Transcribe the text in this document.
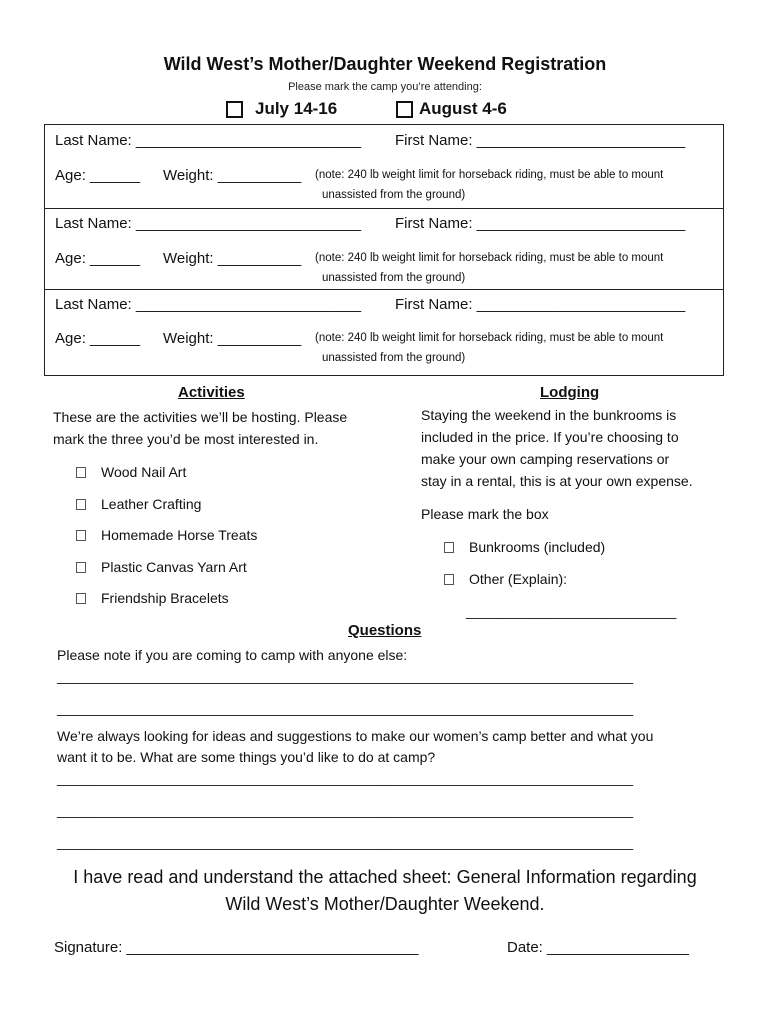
Wild West’s Mother/Daughter Weekend Registration
Please mark the camp you’re attending:
July 14-16	August 4-6
Last Name: ___________________________ First Name: _________________________
Age: ______ Weight: __________ (note: 240 lb weight limit for horseback riding, must be able to mount
unassisted from the ground)
Last Name: ___________________________ First Name: _________________________
Age: ______ Weight: __________ (note: 240 lb weight limit for horseback riding, must be able to mount
unassisted from the ground)
Last Name: ___________________________ First Name: _________________________
Age: ______ Weight: __________ (note: 240 lb weight limit for horseback riding, must be able to mount
unassisted from the ground)
Activities
These are the activities we’ll be hosting. Please
mark the three you’d be most interested in.
Wood Nail Art
Leather Crafting
Homemade Horse Treats
Plastic Canvas Yarn Art
Friendship Bracelets
Lodging
Staying the weekend in the bunkrooms is
included in the price. If you’re choosing to
make your own camping reservations or
stay in a rental, this is at your own expense.
Please mark the box
Bunkrooms (included)
Other (Explain):
___________________________
Questions
Please note if you are coming to camp with anyone else:
__________________________________________________________________________
__________________________________________________________________________
We’re always looking for ideas and suggestions to make our women’s camp better and what you
want it to be. What are some things you’d like to do at camp?
__________________________________________________________________________
__________________________________________________________________________
__________________________________________________________________________
I have read and understand the attached sheet: General Information regarding
Wild West’s Mother/Daughter Weekend.
Signature: ___________________________________	Date: _________________
